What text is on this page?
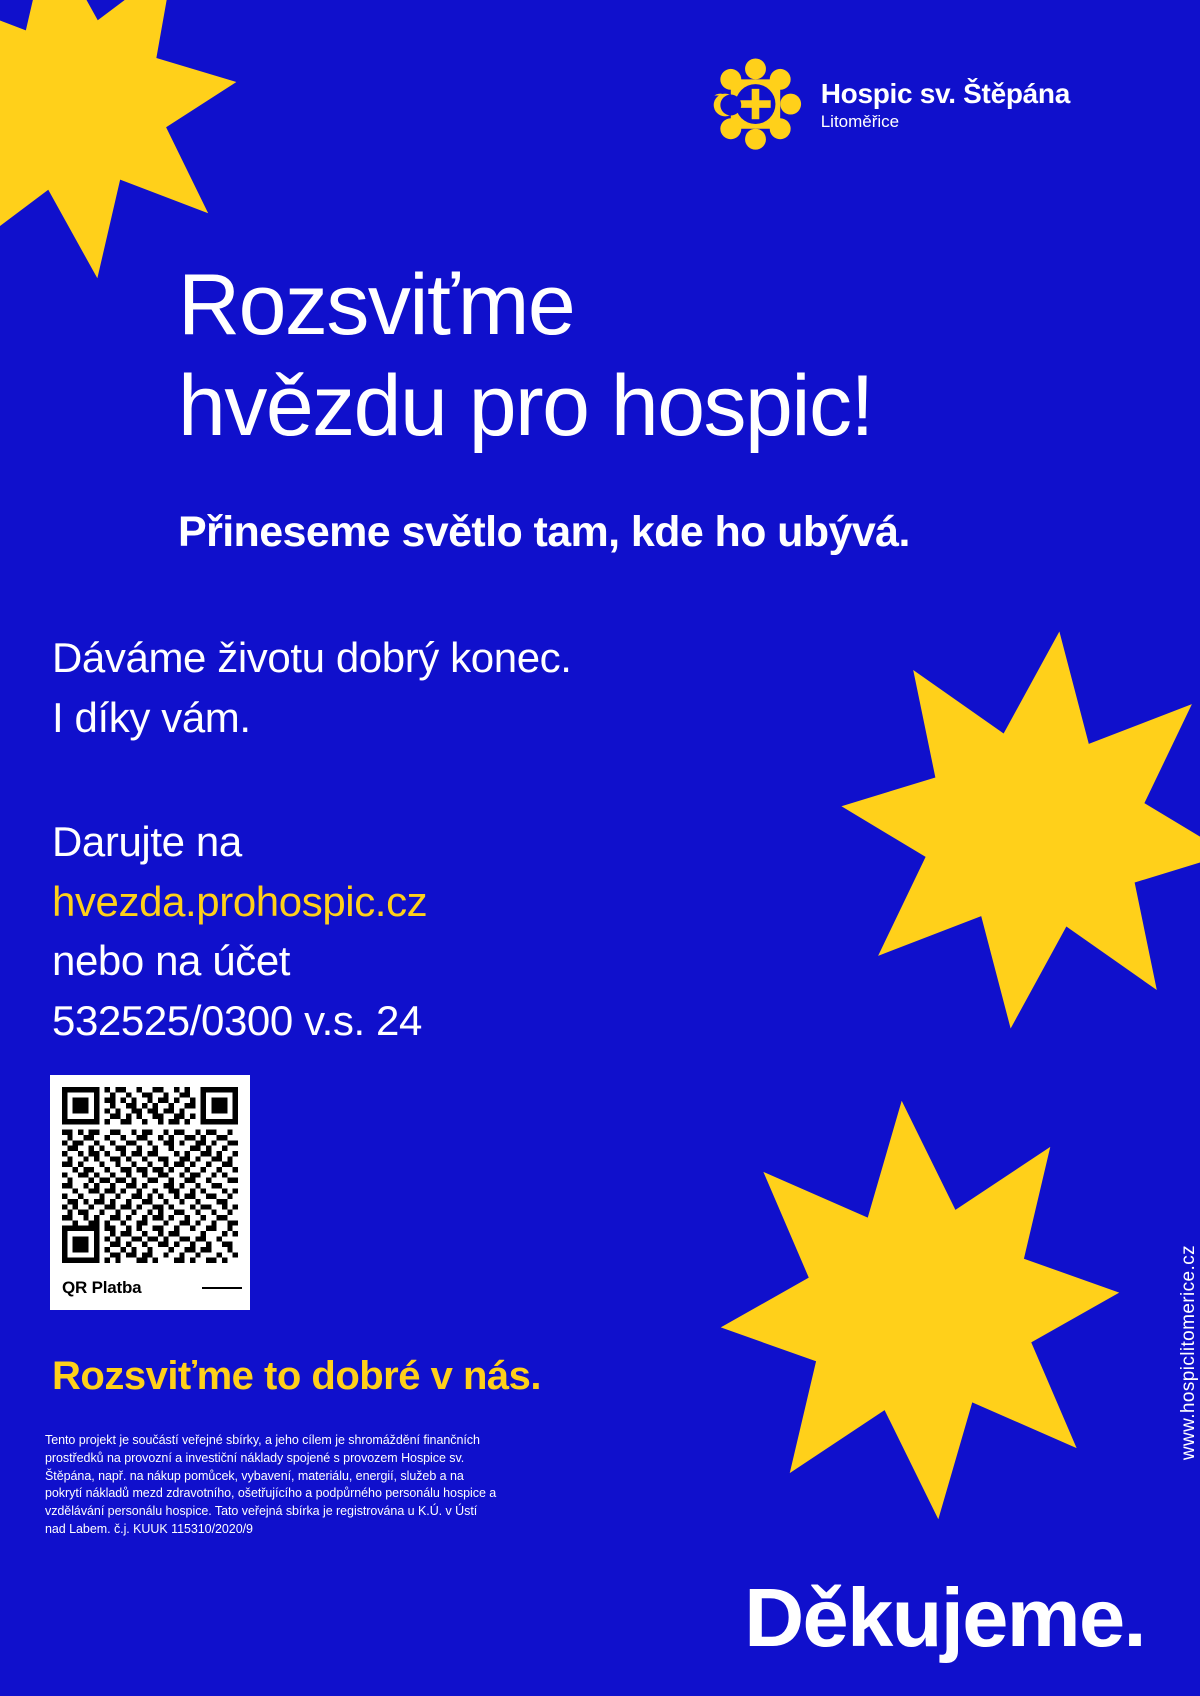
Hospic sv. Štěpána
Litoměřice
Rozsviťme
hvězdu pro hospic!
Přineseme světlo tam, kde ho ubývá.
Dáváme životu dobrý konec.
I díky vám.
Darujte na
hvezda.prohospic.cz
nebo na účet
532525/0300 v.s. 24
QR Platba
Rozsviťme to dobré v nás.
Tento projekt je součástí veřejné sbírky, a jeho cílem je shromáždění finančních prostředků na provozní a investiční náklady spojené s provozem Hospice sv. Štěpána, např. na nákup pomůcek, vybavení, materiálu, energií, služeb a na pokrytí nákladů mezd zdravotního, ošetřujícího a podpůrného personálu hospice a vzdělávání personálu hospice. Tato veřejná sbírka je registrována u K.Ú. v Ústí nad Labem. č.j. KUUK 115310/2020/9
Děkujeme.
www.hospiclitomerice.cz
